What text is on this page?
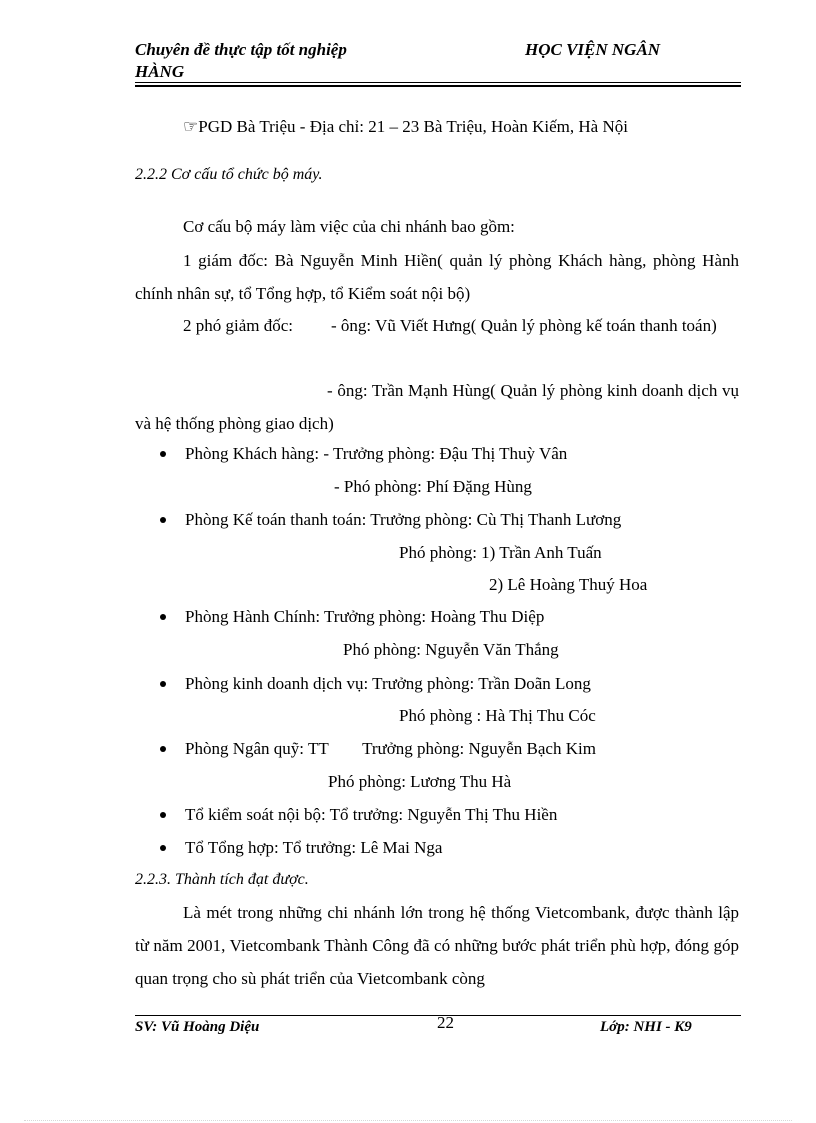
Chuyên đề thực tập tốt nghiệp	HỌC VIỆN NGÂN
HÀNG
☞PGD Bà Triệu - Địa chỉ: 21 – 23 Bà Triệu, Hoàn Kiếm, Hà Nội
2.2.2 Cơ cấu tổ chức bộ máy.
Cơ cấu bộ máy làm việc của chi nhánh bao gồm:
1 giám đốc: Bà Nguyễn Minh Hiền( quản lý phòng Khách hàng, phòng Hành chính nhân sự, tổ Tổng hợp, tổ Kiểm soát nội bộ)
2 phó giảm đốc:	- ông: Vũ Viết Hưng( Quản lý phòng kế toán thanh toán)
- ông: Trần Mạnh Hùng( Quản lý phòng kinh doanh dịch vụ và hệ thống phòng giao dịch)
Phòng Khách hàng: - Trưởng phòng: Đậu Thị Thuỳ Vân
- Phó phòng: Phí Đặng Hùng
Phòng Kế toán thanh toán: Trưởng phòng: Cù Thị Thanh Lương
Phó phòng: 1) Trần Anh Tuấn
2) Lê Hoàng Thuý Hoa
Phòng Hành Chính: Trưởng phòng: Hoàng Thu Diệp
Phó phòng: Nguyễn Văn Thắng
Phòng kinh doanh dịch vụ: Trưởng phòng: Trần Doãn Long
Phó phòng : Hà Thị Thu Cóc
Phòng Ngân quỹ: TT        Trưởng phòng: Nguyễn Bạch Kim
Phó phòng: Lương Thu Hà
Tổ kiểm soát nội bộ: Tổ trưởng: Nguyễn Thị Thu Hiền
Tổ Tổng hợp: Tổ trưởng: Lê Mai Nga
2.2.3. Thành tích đạt được.
Là mét trong những chi nhánh lớn trong hệ thống Vietcombank, được thành lập từ năm 2001, Vietcombank Thành Công đã có những bước phát triển phù hợp, đóng góp quan trọng cho sù phát triển của Vietcombank còng
SV: Vũ Hoàng Diệu	22	Lớp: NHI - K9
